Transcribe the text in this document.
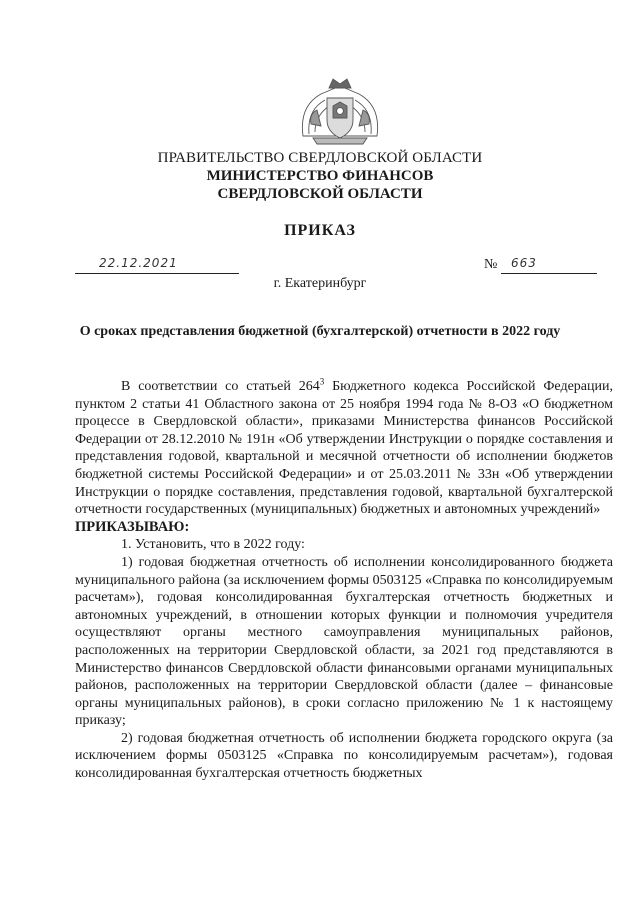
ПРАВИТЕЛЬСТВО СВЕРДЛОВСКОЙ ОБЛАСТИ
МИНИСТЕРСТВО ФИНАНСОВ
СВЕРДЛОВСКОЙ ОБЛАСТИ
ПРИКАЗ
22.12.2021	№ 663
г. Екатеринбург
О сроках представления бюджетной (бухгалтерской) отчетности в 2022 году

В соответствии со статьей $264^3$ Бюджетного кодекса Российской Федерации, пунктом 2 статьи 41 Областного закона от 25 ноября 1994 года № 8-ОЗ «О бюджетном процессе в Свердловской области», приказами Министерства финансов Российской Федерации от 28.12.2010 № 191н «Об утверждении Инструкции о порядке составления и представления годовой, квартальной и месячной отчетности об исполнении бюджетов бюджетной системы Российской Федерации» и от 25.03.2011 № 33н «Об утверждении Инструкции о порядке составления, представления годовой, квартальной бухгалтерской отчетности государственных (муниципальных) бюджетных и автономных учреждений»

ПРИКАЗЫВАЮ:

1. Установить, что в 2022 году:

1) годовая бюджетная отчетность об исполнении консолидированного бюджета муниципального района (за исключением формы 0503125 «Справка по консолидируемым расчетам»), годовая консолидированная бухгалтерская отчетность бюджетных и автономных учреждений, в отношении которых функции и полномочия учредителя осуществляют органы местного самоуправления муниципальных районов, расположенных на территории Свердловской области, за 2021 год представляются в Министерство финансов Свердловской области финансовыми органами муниципальных районов, расположенных на территории Свердловской области (далее – финансовые органы муниципальных районов), в сроки согласно приложению № 1 к настоящему приказу;

2) годовая бюджетная отчетность об исполнении бюджета городского округа (за исключением формы 0503125 «Справка по консолидируемым расчетам»), годовая консолидированная бухгалтерская отчетность бюджетных
